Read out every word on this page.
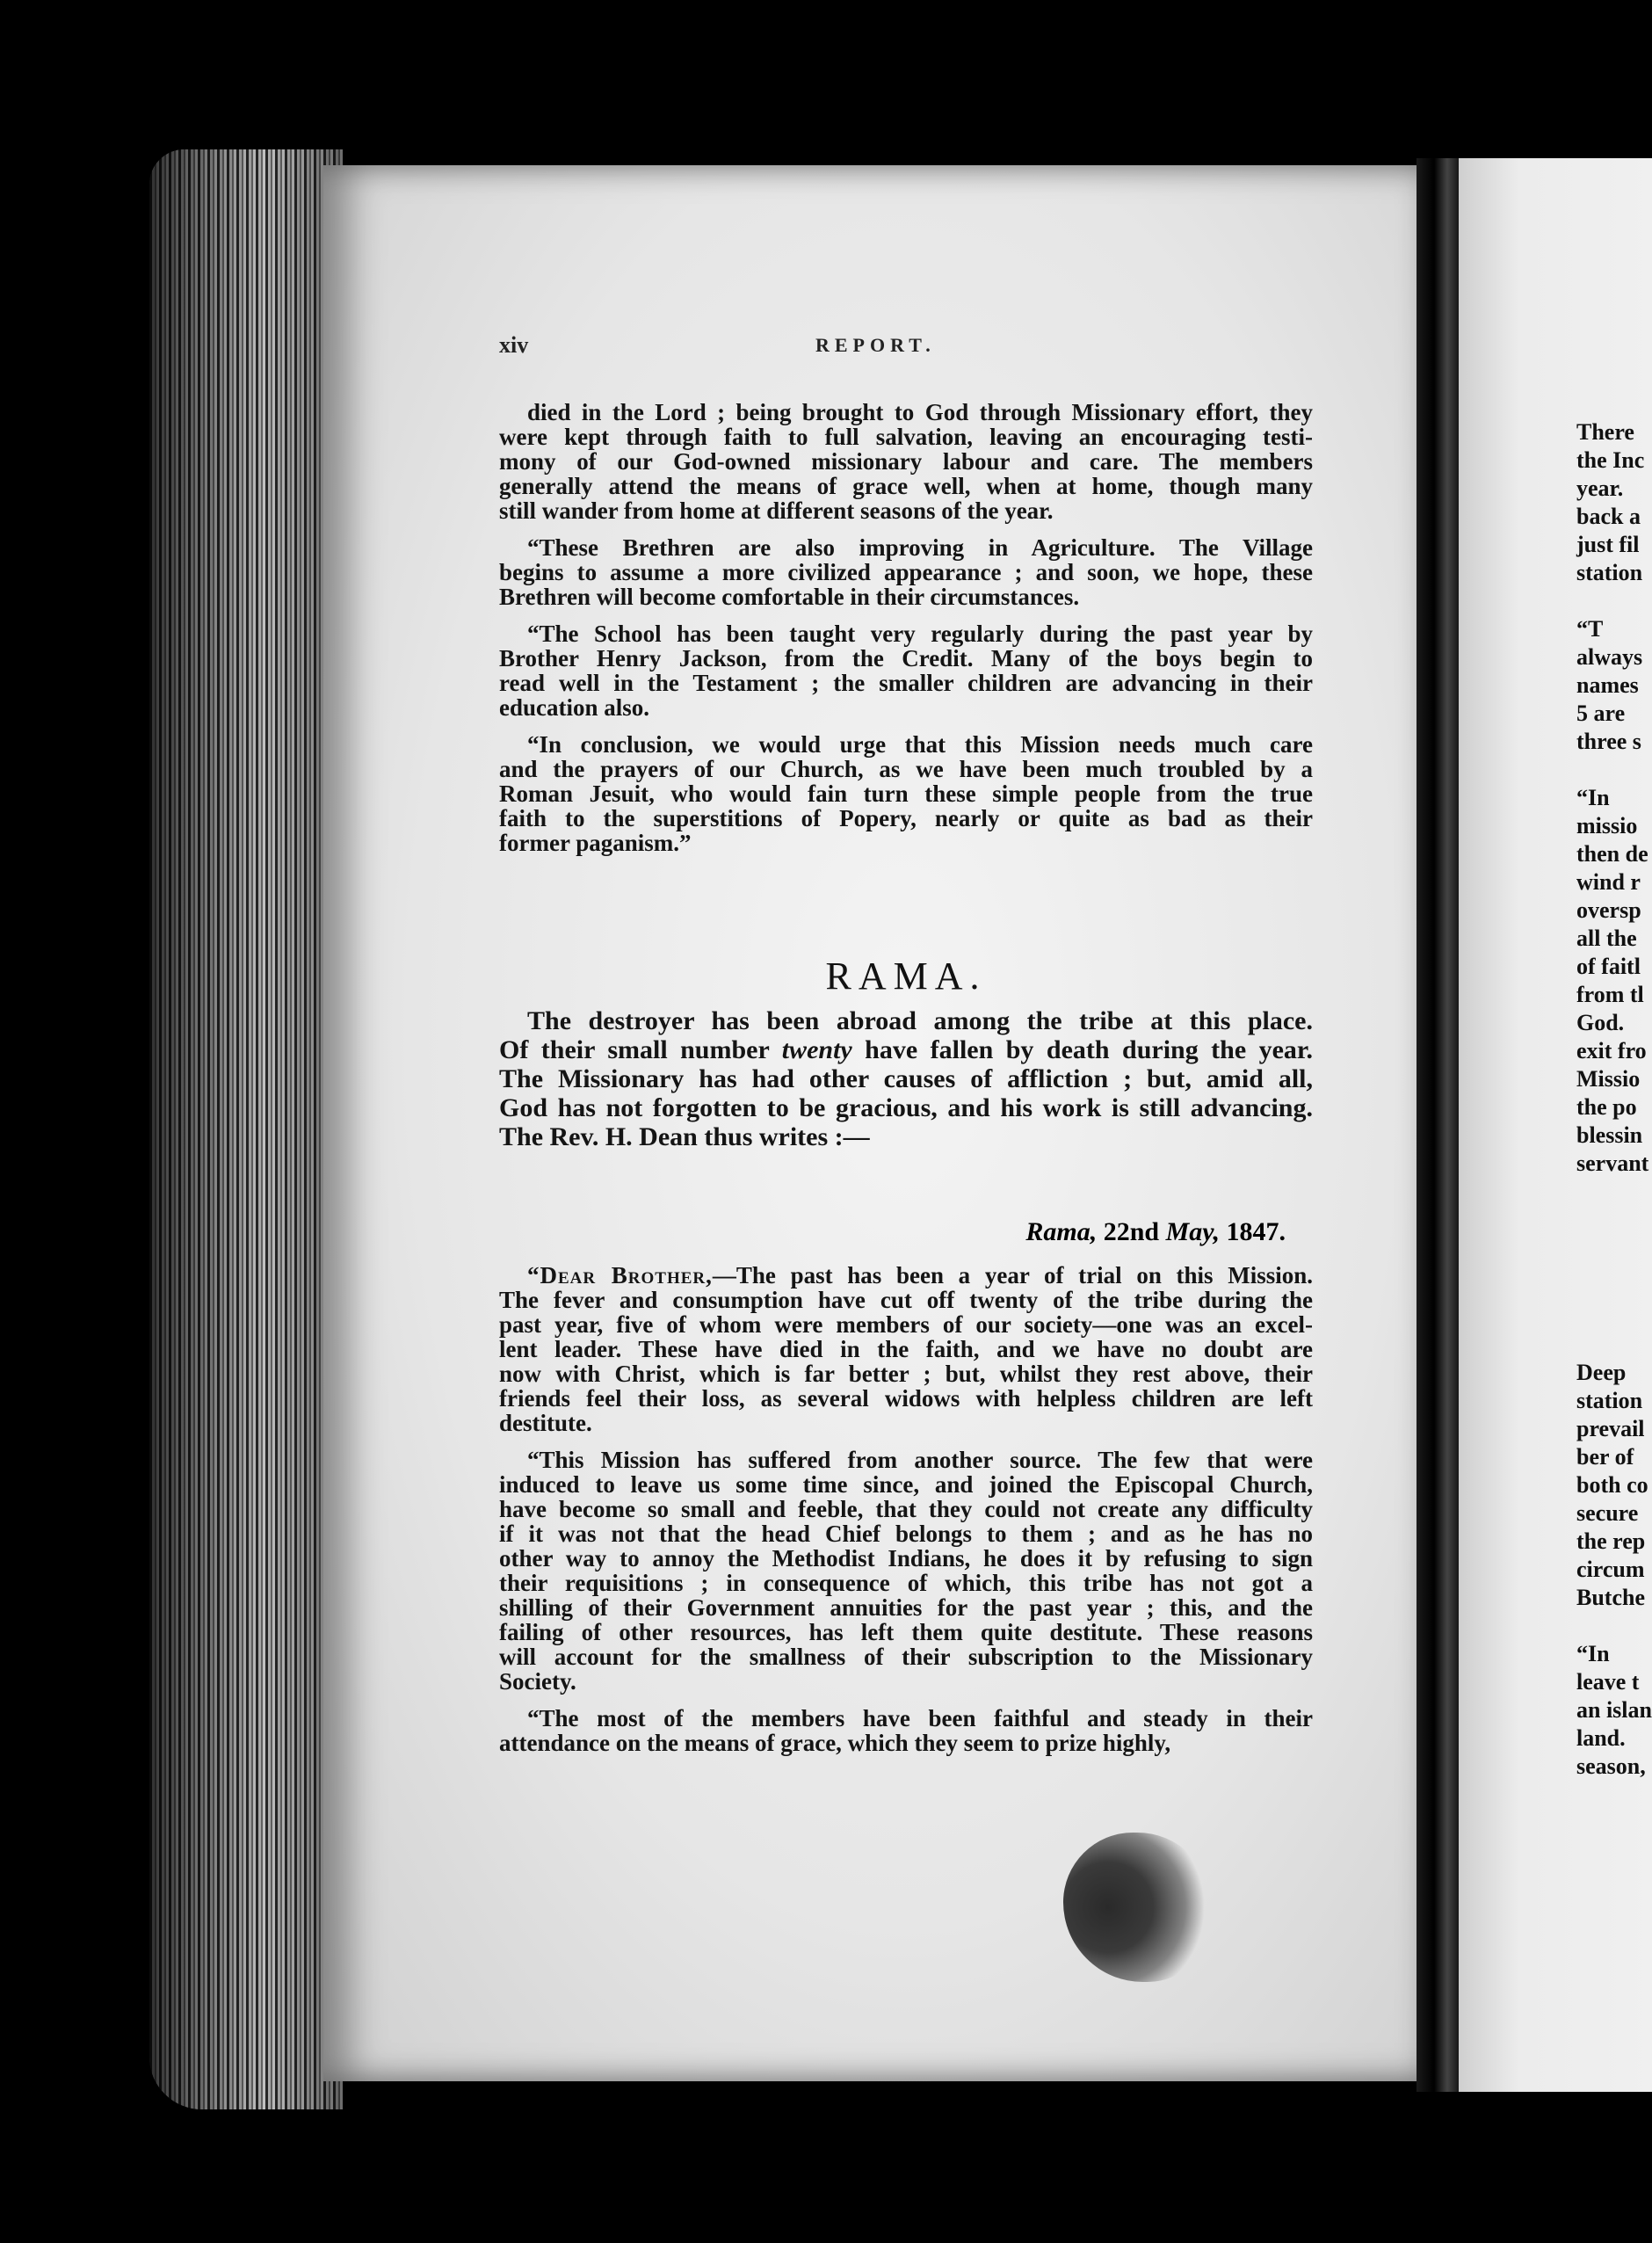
There
the Inc
year.
back a
just fil
station
“T
always
names
5 are
three s
“In
missio
then de
wind r
oversp
all the
of faitl
from tl
God.
exit fro
Missio
the po
blessin
servant
Deep
station
prevail
ber of
both co
secure
the rep
circum
Butche
“In
leave t
an islan
land.
season,

xiv	REPORT.

died in the Lord ; being brought to God through Missionary effort, they
were kept through faith to full salvation, leaving an encouraging testi-
mony of our God-owned missionary labour and care. The members
generally attend the means of grace well, when at home, though many
still wander from home at different seasons of the year.

“These Brethren are also improving in Agriculture. The Village
begins to assume a more civilized appearance ; and soon, we hope, these
Brethren will become comfortable in their circumstances.

“The School has been taught very regularly during the past year by
Brother Henry Jackson, from the Credit. Many of the boys begin to
read well in the Testament ; the smaller children are advancing in their
education also.

“In conclusion, we would urge that this Mission needs much care
and the prayers of our Church, as we have been much troubled by a
Roman Jesuit, who would fain turn these simple people from the true
faith to the superstitions of Popery, nearly or quite as bad as their
former paganism.”

RAMA.
The destroyer has been abroad among the tribe at this place.
Of their small number twenty have fallen by death during the year.
The Missionary has had other causes of affliction ; but, amid all,
God has not forgotten to be gracious, and his work is still advancing.
The Rev. H. Dean thus writes :—
Rama, 22nd May, 1847.

“Dear Brother,—The past has been a year of trial on this Mission.
The fever and consumption have cut off twenty of the tribe during the
past year, five of whom were members of our society—one was an excel-
lent leader. These have died in the faith, and we have no doubt are
now with Christ, which is far better ; but, whilst they rest above, their
friends feel their loss, as several widows with helpless children are left
destitute.

“This Mission has suffered from another source. The few that were
induced to leave us some time since, and joined the Episcopal Church,
have become so small and feeble, that they could not create any difficulty
if it was not that the head Chief belongs to them ; and as he has no
other way to annoy the Methodist Indians, he does it by refusing to sign
their requisitions ; in consequence of which, this tribe has not got a
shilling of their Government annuities for the past year ; this, and the
failing of other resources, has left them quite destitute. These reasons
will account for the smallness of their subscription to the Missionary
Society.

“The most of the members have been faithful and steady in their
attendance on the means of grace, which they seem to prize highly,
